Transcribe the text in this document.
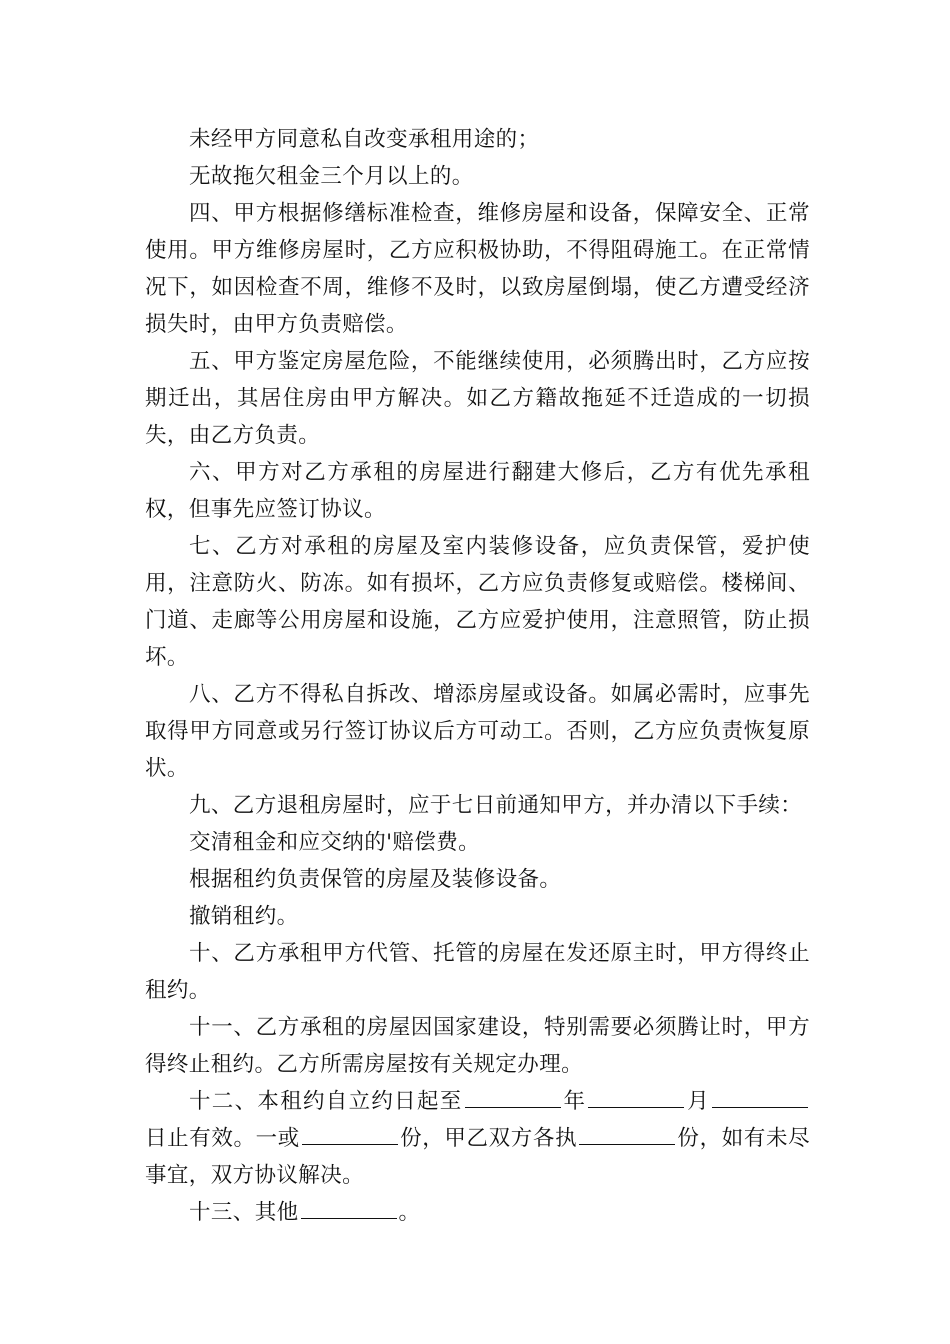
未经甲方同意私自改变承租用途的；

无故拖欠租金三个月以上的。

四、甲方根据修缮标准检查，维修房屋和设备，保障安全、正常使用。甲方维修房屋时，乙方应积极协助，不得阻碍施工。在正常情况下，如因检查不周，维修不及时，以致房屋倒塌，使乙方遭受经济损失时，由甲方负责赔偿。

五、甲方鉴定房屋危险，不能继续使用，必须腾出时，乙方应按期迁出，其居住房由甲方解决。如乙方籍故拖延不迁造成的一切损失，由乙方负责。

六、甲方对乙方承租的房屋进行翻建大修后，乙方有优先承租权，但事先应签订协议。

七、乙方对承租的房屋及室内装修设备，应负责保管，爱护使用，注意防火、防冻。如有损坏，乙方应负责修复或赔偿。楼梯间、门道、走廊等公用房屋和设施，乙方应爱护使用，注意照管，防止损坏。

八、乙方不得私自拆改、增添房屋或设备。如属必需时，应事先取得甲方同意或另行签订协议后方可动工。否则，乙方应负责恢复原状。

九、乙方退租房屋时，应于七日前通知甲方，并办清以下手续：

交清租金和应交纳的'赔偿费。

根据租约负责保管的房屋及装修设备。

撤销租约。

十、乙方承租甲方代管、托管的房屋在发还原主时，甲方得终止租约。

十一、乙方承租的房屋因国家建设，特别需要必须腾让时，甲方得终止租约。乙方所需房屋按有关规定办理。

十二、本租约自立约日起至	年	月日止有效。一或	份，甲乙双方各执	份，如有未尽事宜，双方协议解决。

十三、其他	。
